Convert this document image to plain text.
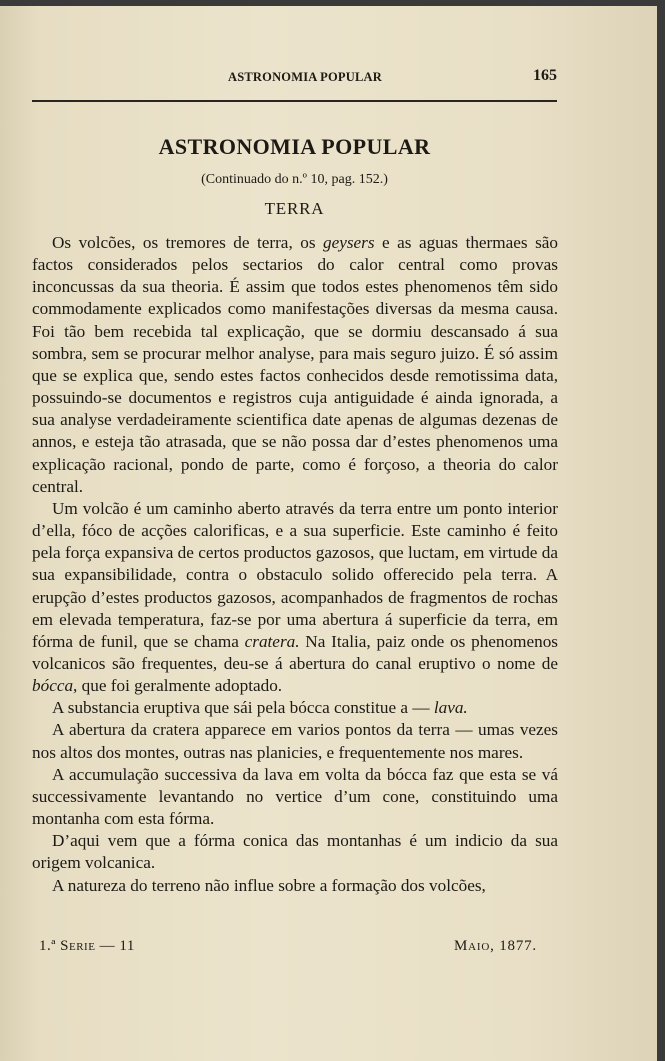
ASTRONOMIA POPULAR	165
ASTRONOMIA POPULAR
(Continuado do n.º 10, pag. 152.)
TERRA

Os volcões, os tremores de terra, os geysers e as aguas thermaes são factos considerados pelos sectarios do calor central como provas inconcussas da sua theoria. É assim que todos estes phenomenos têm sido commodamente explicados como manifestações diversas da mesma causa. Foi tão bem recebida tal explicação, que se dormiu descansado á sua sombra, sem se procurar melhor analyse, para mais seguro juizo. É só assim que se explica que, sendo estes factos conhecidos desde remotissima data, possuindo-se documentos e registros cuja antiguidade é ainda ignorada, a sua analyse verdadeiramente scientifica date apenas de algumas dezenas de annos, e esteja tão atrasada, que se não possa dar d’estes phenomenos uma explicação racional, pondo de parte, como é forçoso, a theoria do calor central.

Um volcão é um caminho aberto através da terra entre um ponto interior d’ella, fóco de acções calorificas, e a sua superficie. Este caminho é feito pela força expansiva de certos productos gazosos, que luctam, em virtude da sua expansibilidade, contra o obstaculo solido offerecido pela terra. A erupção d’estes productos gazosos, acompanhados de fragmentos de rochas em elevada temperatura, faz-se por uma abertura á superficie da terra, em fórma de funil, que se chama cratera. Na Italia, paiz onde os phenomenos volcanicos são frequentes, deu-se á abertura do canal eruptivo o nome de bócca, que foi geralmente adoptado.

A substancia eruptiva que sái pela bócca constitue a — lava.

A abertura da cratera apparece em varios pontos da terra — umas vezes nos altos dos montes, outras nas planicies, e frequentemente nos mares.

A accumulação successiva da lava em volta da bócca faz que esta se vá successivamente levantando no vertice d’um cone, constituindo uma montanha com esta fórma.

D’aqui vem que a fórma conica das montanhas é um indicio da sua origem volcanica.

A natureza do terreno não influe sobre a formação dos volcões,

1.ª Serie — 11	Maio, 1877.
